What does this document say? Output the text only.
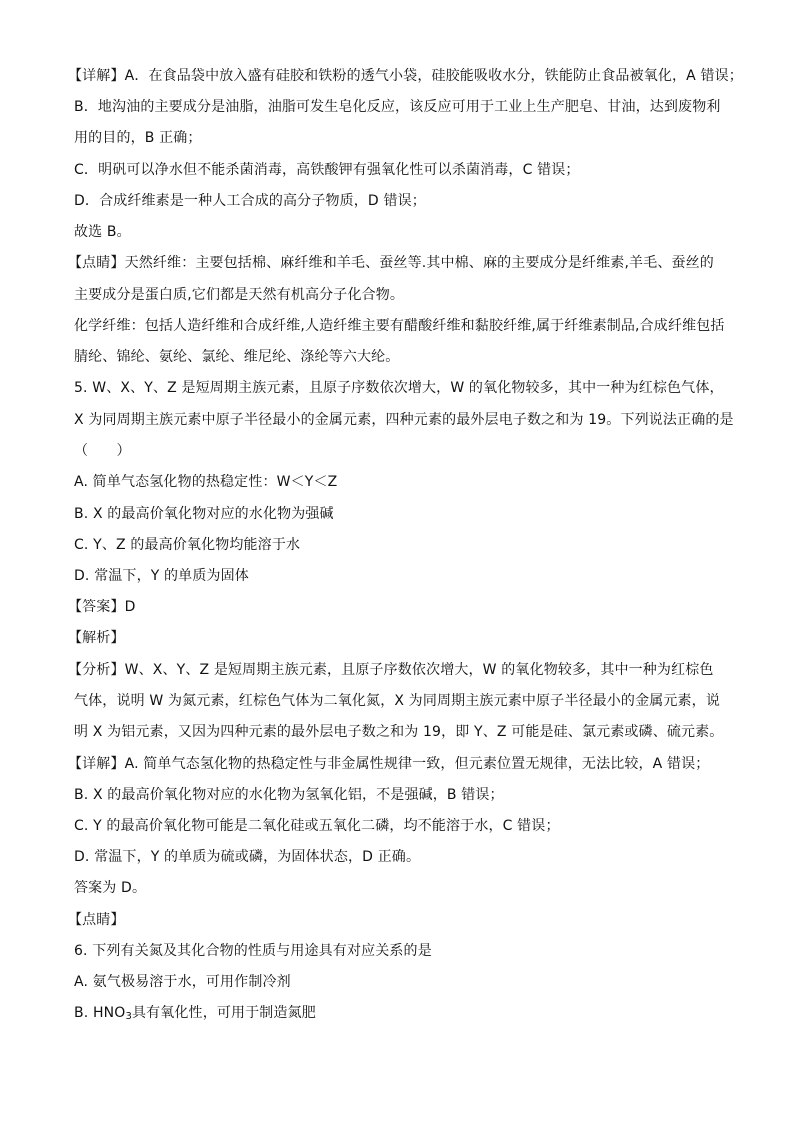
【详解】A．在食品袋中放入盛有硅胶和铁粉的透气小袋，硅胶能吸收水分，铁能防止食品被氧化，A 错误；
B．地沟油的主要成分是油脂，油脂可发生皂化反应，该反应可用于工业上生产肥皂、甘油，达到废物利
用的目的，B 正确；
C．明矾可以净水但不能杀菌消毒，高铁酸钾有强氧化性可以杀菌消毒，C 错误；
D．合成纤维素是一种人工合成的高分子物质，D 错误；
故选 B。
【点睛】天然纤维：主要包括棉、麻纤维和羊毛、蚕丝等.其中棉、麻的主要成分是纤维素,羊毛、蚕丝的
主要成分是蛋白质,它们都是天然有机高分子化合物。
化学纤维：包括人造纤维和合成纤维,人造纤维主要有醋酸纤维和黏胶纤维,属于纤维素制品,合成纤维包括
腈纶、锦纶、氨纶、氯纶、维尼纶、涤纶等六大纶。
5. W、X、Y、Z 是短周期主族元素，且原子序数依次增大，W 的氧化物较多，其中一种为红棕色气体，
X 为同周期主族元素中原子半径最小的金属元素，四种元素的最外层电子数之和为 19。下列说法正确的是
（　　）
A. 简单气态氢化物的热稳定性：W＜Y＜Z
B. X 的最高价氧化物对应的水化物为强碱
C. Y、Z 的最高价氧化物均能溶于水
D. 常温下，Y 的单质为固体
【答案】D
【解析】
【分析】W、X、Y、Z 是短周期主族元素，且原子序数依次增大，W 的氧化物较多，其中一种为红棕色
气体，说明 W 为氮元素，红棕色气体为二氧化氮，X 为同周期主族元素中原子半径最小的金属元素，说
明 X 为铝元素，又因为四种元素的最外层电子数之和为 19，即 Y、Z 可能是硅、氯元素或磷、硫元素。
【详解】A. 简单气态氢化物的热稳定性与非金属性规律一致，但元素位置无规律，无法比较，A 错误；
B. X 的最高价氧化物对应的水化物为氢氧化铝，不是强碱，B 错误；
C. Y 的最高价氧化物可能是二氧化硅或五氧化二磷，均不能溶于水，C 错误；
D. 常温下，Y 的单质为硫或磷，为固体状态，D 正确。
答案为 D。
【点睛】
6. 下列有关氮及其化合物的性质与用途具有对应关系的是
A. 氨气极易溶于水，可用作制冷剂
B. $HNO_3$具有氧化性，可用于制造氮肥
